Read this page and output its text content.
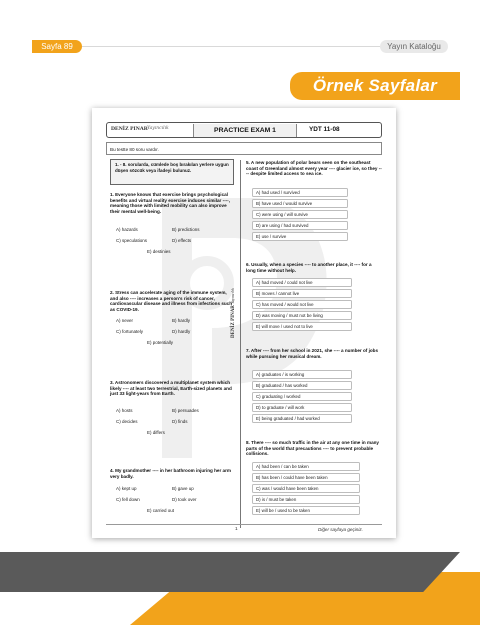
Sayfa 89	Yayın Kataloğu
Örnek Sayfalar
DENİZ PINAR Yayıncılık	PRACTICE EXAM 1	YDT 11-08
Bu testte 80 soru vardır.
DENİZ PINAR Yayıncılık
1. - 8. sorularda, cümlede boş bırakılan yerlere uygun düşen sözcük veya ifadeyi bulunuz.
1. Everyone knows that exercise brings psychological benefits and virtual reality exercise induces similar ----, meaning those with limited mobility can also improve their mental well-being.
A) hazards	B) predictions
C) speculations	D) effects
E) destinies
2. Stress can accelerate aging of the immune system, and also ---- increases a person's risk of cancer, cardiovascular disease and illness from infections such as COVID-19.
A) never	B) hardly
C) fortunately	D) hardly
E) potentially
3. Astronomers discovered a multiplanet system which likely ---- at least two terrestrial, Earth-sized planets and just 33 light-years from Earth.
A) hosts	B) persuades
C) decides	D) finds
E) differs
4. My grandmother ---- in her bathroom injuring her arm very badly.
A) kept up	B) gave up
C) fell down	D) took over
E) carried out
5. A new population of polar bears seen on the southeast coast of Greenland almost every year ---- glacier ice, so they ---- despite limited access to sea ice.
A) had used / survived
B) have used / would survive
C) were using / will survive
D) are using / had survived
E) use / survive
6. Usually, when a species ---- to another place, it ---- for a long time without help.
A) had moved / could not live
B) moves / cannot live
C) has moved / would not live
D) was moving / must not be living
E) will move / used not to live
7. After ---- from her school in 2021, she ---- a number of jobs while pursuing her musical dream.
A) graduates / is working
B) graduated / has worked
C) graduating / worked
D) to graduate / will work
E) being graduated / had worked
8. There ---- so much traffic in the air at any one time in many parts of the world that precautions ---- to prevent probable collisions.
A) had been / can be taken
B) has been / could have been taken
C) was / would have been taken
D) is / must be taken
E) will be / used to be taken
1	Diğer sayfaya geçiniz.
